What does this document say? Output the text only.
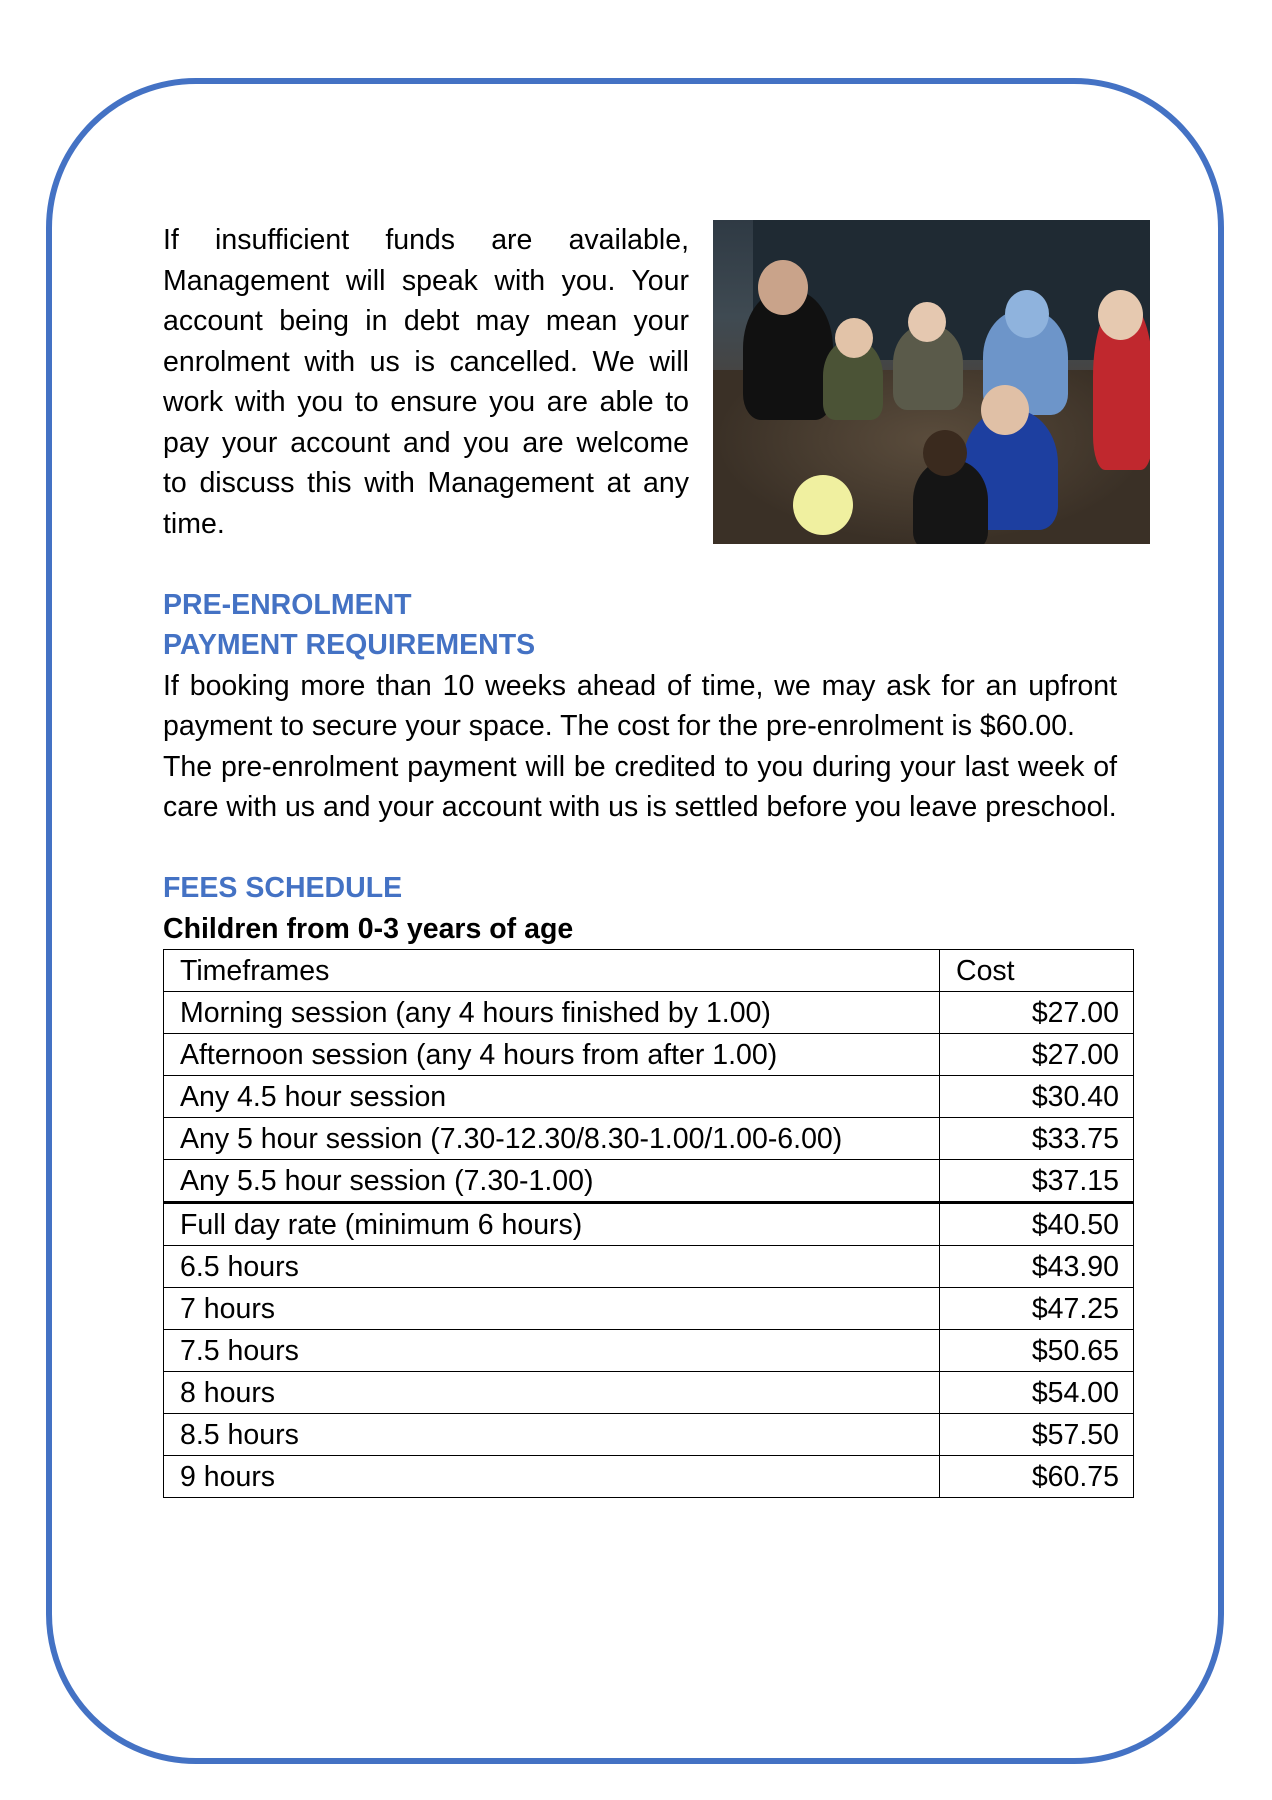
If insufficient funds are available, Management will speak with you. Your account being in debt may mean your enrolment with us is cancelled. We will work with you to ensure you are able to pay your account and you are welcome to discuss this with Management at any time.

PRE-ENROLMENT
PAYMENT REQUIREMENTS

If booking more than 10 weeks ahead of time, we may ask for an upfront payment to secure your space. The cost for the pre-enrolment is $60.00.

The pre-enrolment payment will be credited to you during your last week of care with us and your account with us is settled before you leave preschool.

FEES SCHEDULE
Children from 0-3 years of age
Timeframes	Cost
Morning session (any 4 hours finished by 1.00)	$27.00
Afternoon session (any 4 hours from after 1.00)	$27.00
Any 4.5 hour session	$30.40
Any 5 hour session (7.30-12.30/8.30-1.00/1.00-6.00)	$33.75
Any 5.5 hour session (7.30-1.00)	$37.15
Full day rate (minimum 6 hours)	$40.50
6.5 hours	$43.90
7 hours	$47.25
7.5 hours	$50.65
8 hours	$54.00
8.5 hours	$57.50
9 hours	$60.75
